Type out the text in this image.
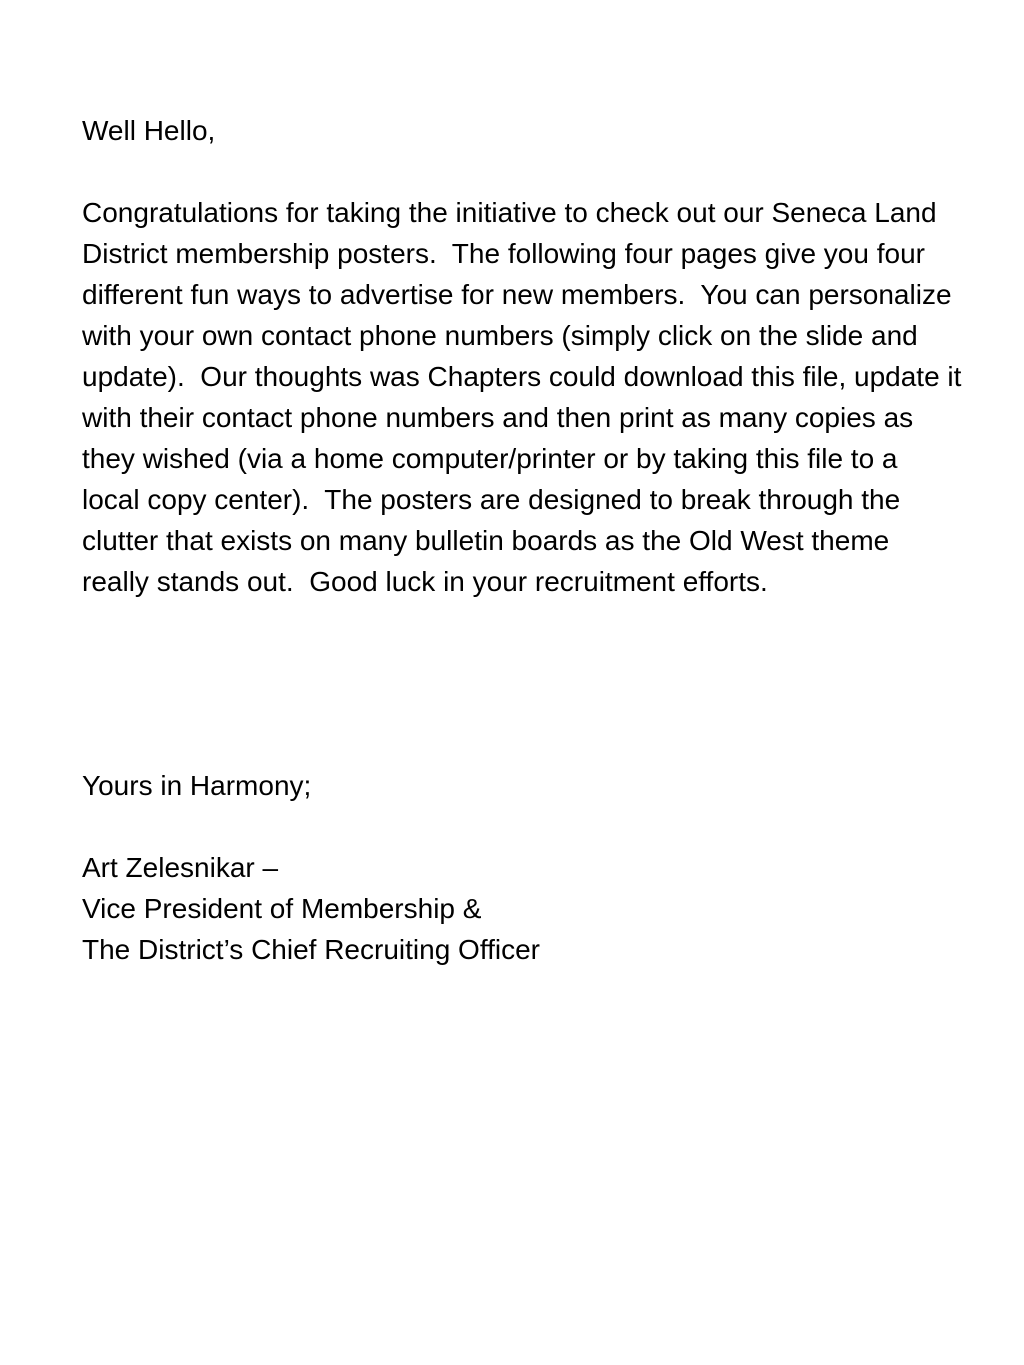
Well Hello,

Congratulations for taking the initiative to check out our Seneca Land District membership posters.  The following four pages give you four different fun ways to advertise for new members.  You can personalize with your own contact phone numbers (simply click on the slide and update).  Our thoughts was Chapters could download this file, update it with their contact phone numbers and then print as many copies as they wished (via a home computer/printer or by taking this file to a local copy center).  The posters are designed to break through the clutter that exists on many bulletin boards as the Old West theme really stands out.  Good luck in your recruitment efforts.

Yours in Harmony;

Art Zelesnikar –
Vice President of Membership &
The District’s Chief Recruiting Officer
